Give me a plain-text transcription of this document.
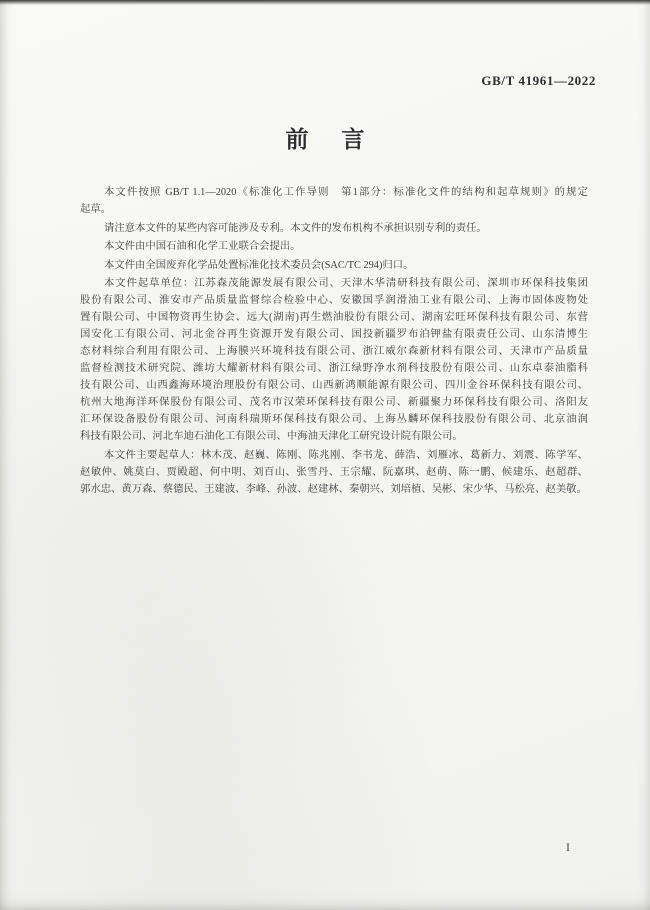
GB/T 41961—2022
前　言
本文件按照 GB/T 1.1—2020《标准化工作导则　第1部分：标准化文件的结构和起草规则》的规定
起草。
请注意本文件的某些内容可能涉及专利。本文件的发布机构不承担识别专利的责任。
本文件由中国石油和化学工业联合会提出。
本文件由全国废弃化学品处置标准化技术委员会(SAC/TC 294)归口。
本文件起草单位：江苏森茂能源发展有限公司、天津木华清研科技有限公司、深圳市环保科技集团
股份有限公司、淮安市产品质量监督综合检验中心、安徽国孚润滑油工业有限公司、上海市固体废物处
置有限公司、中国物资再生协会、远大(湖南)再生燃油股份有限公司、湖南宏旺环保科技有限公司、东营
国安化工有限公司、河北金谷再生资源开发有限公司、国投新疆罗布泊钾盐有限责任公司、山东清博生
态材料综合利用有限公司、上海膜兴环境科技有限公司、浙江威尔森新材料有限公司、天津市产品质量
监督检测技术研究院、潍坊大耀新材料有限公司、浙江绿野净水剂科技股份有限公司、山东卓泰油脂科
技有限公司、山西鑫海环境治理股份有限公司、山西新鸿顺能源有限公司、四川金谷环保科技有限公司、
杭州大地海洋环保股份有限公司、茂名市汉荣环保科技有限公司、新疆聚力环保科技有限公司、洛阳友
汇环保设备股份有限公司、河南科瑞斯环保科技有限公司、上海丛麟环保科技股份有限公司、北京油润
科技有限公司、河北车迪石油化工有限公司、中海油天津化工研究设计院有限公司。
本文件主要起草人：林木茂、赵巍、陈刚、陈兆刚、李书龙、薛浩、刘雁冰、葛新力、刘震、陈学军、
赵敏仲、姚莫白、贾殿超、何中明、刘百山、张雪丹、王宗耀、阮嘉琪、赵萌、陈一鹏、候建乐、赵超群、
郭水忠、黄万森、蔡德民、王建波、李峰、孙波、赵建林、秦朝兴、刘培植、吴彬、宋少华、马松亮、赵美敬。
I
